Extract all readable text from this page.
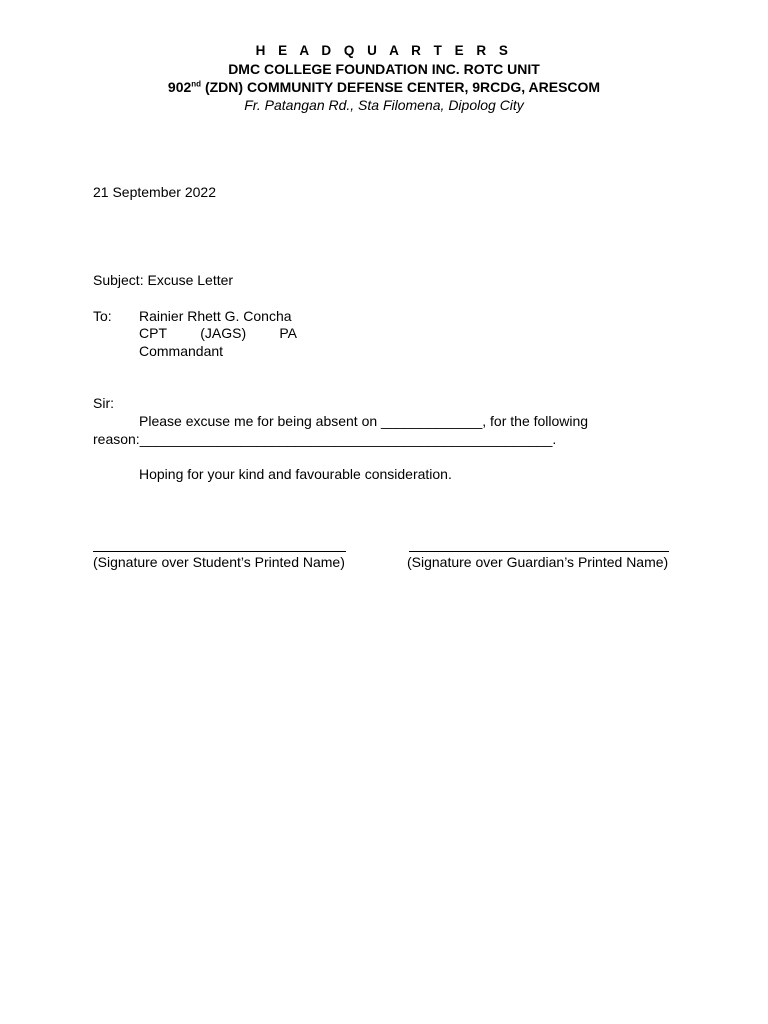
H E A D Q U A R T E R S
DMC COLLEGE FOUNDATION INC. ROTC UNIT
902nd (ZDN) COMMUNITY DEFENSE CENTER, 9RCDG, ARESCOM
Fr. Patangan Rd., Sta Filomena, Dipolog City
21 September 2022
Subject: Excuse Letter
To: Rainier Rhett G. Concha
CPT (JAGS) PA
Commandant
Sir:
Please excuse me for being absent on _____________, for the following
reason:_____________________________________________________.
Hoping for your kind and favourable consideration.
(Signature over Student’s Printed Name)	(Signature over Guardian’s Printed Name)
